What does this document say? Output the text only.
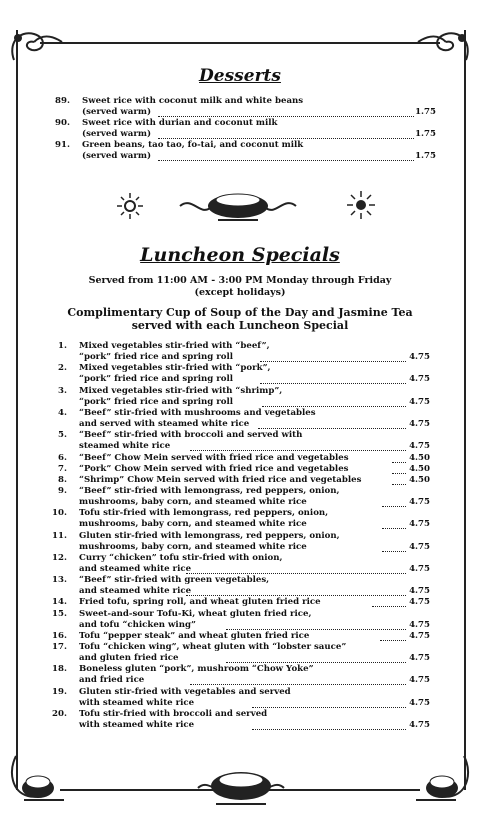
Desserts
89. Sweet rice with coconut milk and white beans
(served warm)	1.75
90. Sweet rice with durian and coconut milk
(served warm)	1.75
91. Green beans, tao tao, fo-tai, and coconut milk
(served warm)	1.75
Luncheon Specials
Served from 11:00 AM - 3:00 PM Monday through Friday
(except holidays)
Complimentary Cup of Soup of the Day and Jasmine Tea
served with each Luncheon Special
1. Mixed vegetables stir-fried with “beef”,
“pork” fried rice and spring roll	4.75
2. Mixed vegetables stir-fried with “pork”,
“pork” fried rice and spring roll	4.75
3. Mixed vegetables stir-fried with “shrimp”,
“pork” fried rice and spring roll	4.75
4. “Beef” stir-fried with mushrooms and vegetables
and served with steamed white rice	4.75
5. “Beef” stir-fried with broccoli and served with
steamed white rice	4.75
6. “Beef” Chow Mein served with fried rice and vegetables	4.50
7. “Pork” Chow Mein served with fried rice and vegetables	4.50
8. “Shrimp” Chow Mein served with fried rice and vegetables	4.50
9. “Beef” stir-fried with lemongrass, red peppers, onion,
mushrooms, baby corn, and steamed white rice	4.75
10. Tofu stir-fried with lemongrass, red peppers, onion,
mushrooms, baby corn, and steamed white rice	4.75
11. Gluten stir-fried with lemongrass, red peppers, onion,
mushrooms, baby corn, and steamed white rice	4.75
12. Curry “chicken” tofu stir-fried with onion,
and steamed white rice	4.75
13. “Beef” stir-fried with green vegetables,
and steamed white rice	4.75
14. Fried tofu, spring roll, and wheat gluten fried rice	4.75
15. Sweet-and-sour Tofu-Ki, wheat gluten fried rice,
and tofu “chicken wing”	4.75
16. Tofu “pepper steak” and wheat gluten fried rice	4.75
17. Tofu “chicken wing”, wheat gluten with “lobster sauce”
and gluten fried rice	4.75
18. Boneless gluten “pork”, mushroom “Chow Yoke”
and fried rice	4.75
19. Gluten stir-fried with vegetables and served
with steamed white rice	4.75
20. Tofu stir-fried with broccoli and served
with steamed white rice	4.75
